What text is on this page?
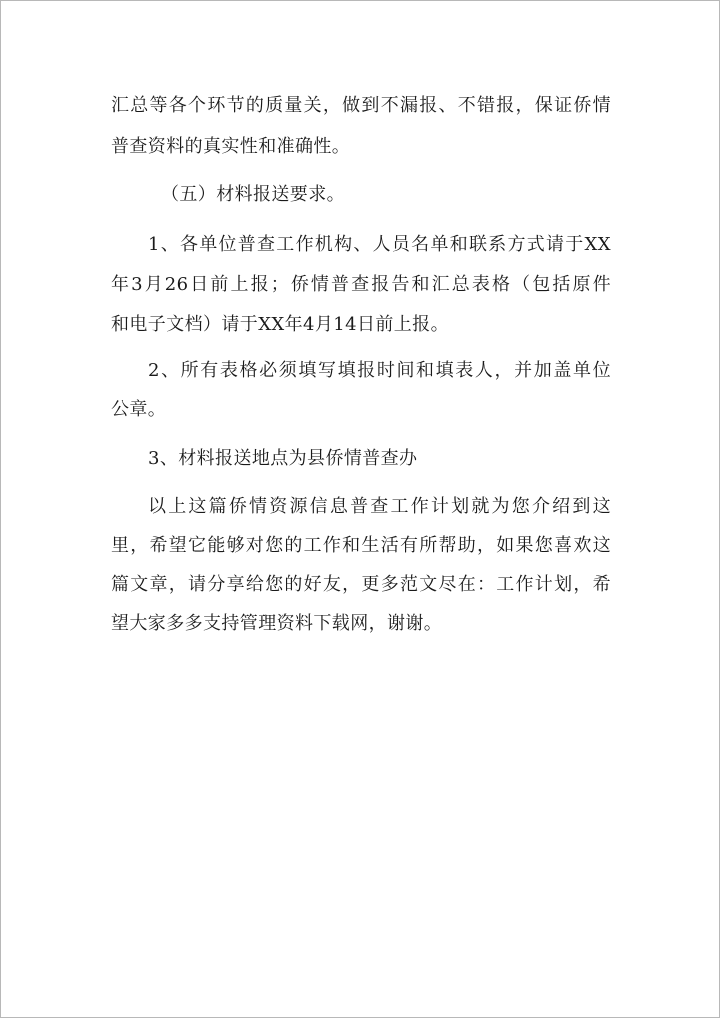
汇总等各个环节的质量关，做到不漏报、不错报，保证侨情
普查资料的真实性和准确性。
（五）材料报送要求。
1、各单位普查工作机构、人员名单和联系方式请于XX
年3月26日前上报；侨情普查报告和汇总表格（包括原件
和电子文档）请于XX年4月14日前上报。
2、所有表格必须填写填报时间和填表人，并加盖单位
公章。
3、材料报送地点为县侨情普查办
以上这篇侨情资源信息普查工作计划就为您介绍到这
里，希望它能够对您的工作和生活有所帮助，如果您喜欢这
篇文章，请分享给您的好友，更多范文尽在：工作计划，希
望大家多多支持管理资料下载网，谢谢。
